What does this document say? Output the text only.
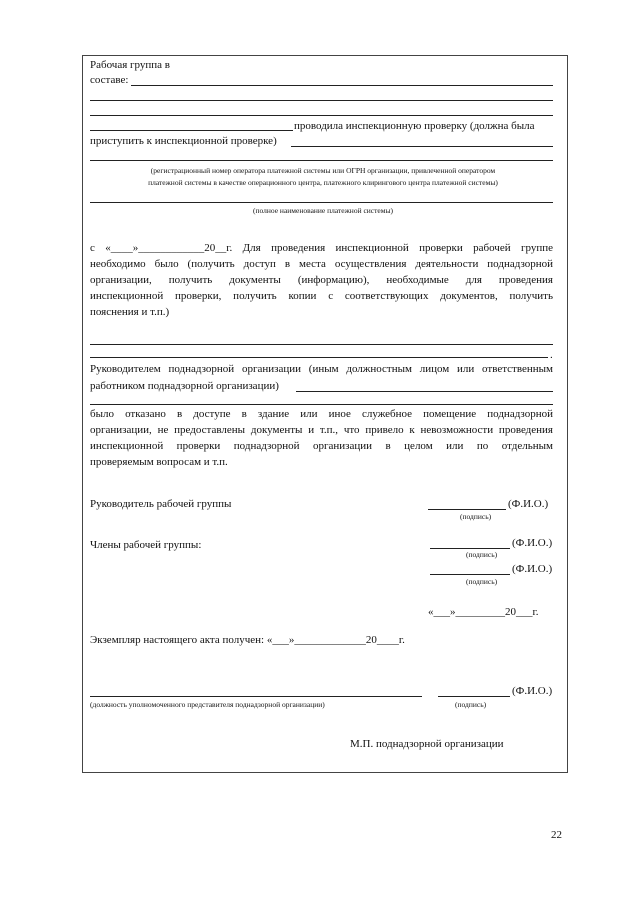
Рабочая группа в
составе:
проводила инспекционную проверку (должна была
приступить к инспекционной проверке)
(регистрационный номер оператора платежной системы или ОГРН организации, привлеченной оператором
платежной системы в качестве операционного центра, платежного клирингового центра платежной системы)
(полное наименование платежной системы)
с «____»____________20__г. Для проведения инспекционной проверки рабочей группе
необходимо было (получить доступ в места осуществления деятельности поднадзорной
организации, получить документы (информацию), необходимые для проведения
инспекционной проверки, получить копии с соответствующих документов, получить
пояснения и т.п.)
.
Руководителем поднадзорной организации (иным должностным лицом или ответственным
работником поднадзорной организации)
было отказано в доступе в здание или иное служебное помещение поднадзорной
организации, не предоставлены документы и т.п., что привело к невозможности проведения
инспекционной проверки поднадзорной организации в целом или по отдельным
проверяемым вопросам и т.п.
Руководитель рабочей группы	(Ф.И.О.)
(подпись)
Члены рабочей группы:	(Ф.И.О.)
(подпись)
(Ф.И.О.)
(подпись)
«___»_________20___г.
Экземпляр настоящего акта получен: «___»_____________20____г.
(Ф.И.О.)
(должность уполномоченного представителя поднадзорной организации)	(подпись)
М.П. поднадзорной организации
22
